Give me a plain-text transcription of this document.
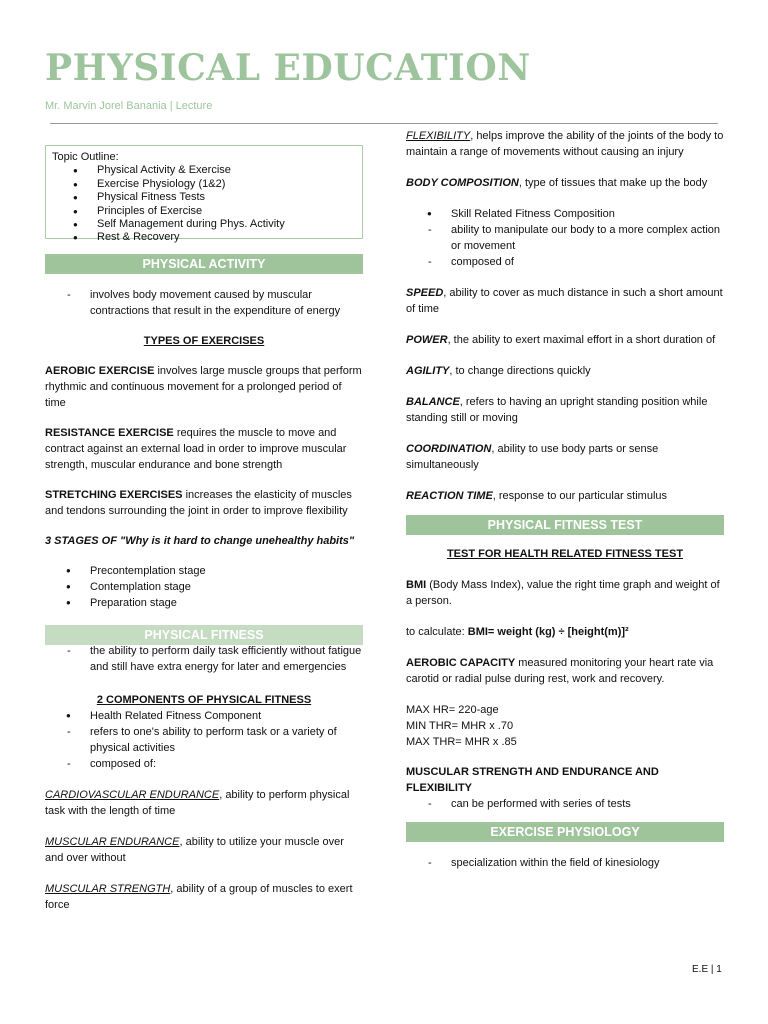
PHYSICAL EDUCATION
Mr. Marvin Jorel Banania | Lecture
Topic Outline:
● Physical Activity & Exercise
● Exercise Physiology (1&2)
● Physical Fitness Tests
● Principles of Exercise
● Self Management during Phys. Activity
● Rest & Recovery
PHYSICAL ACTIVITY

- involves body movement caused by muscular contractions that result in the expenditure of energy

TYPES OF EXERCISES

AEROBIC EXERCISE involves large muscle groups that perform rhythmic and continuous movement for a prolonged period of time

RESISTANCE EXERCISE requires the muscle to move and contract against an external load in order to improve muscular strength, muscular endurance and bone strength

STRETCHING EXERCISES increases the elasticity of muscles and tendons surrounding the joint in order to improve flexibility

3 STAGES OF "Why is it hard to change unehealthy habits"

● Precontemplation stage

● Contemplation stage

● Preparation stage

PHYSICAL FITNESS

- the ability to perform daily task efficiently without fatigue and still have extra energy for later and emergencies

2 COMPONENTS OF PHYSICAL FITNESS

● Health Related Fitness Component

- refers to one's ability to perform task or a variety of physical activities

- composed of:

CARDIOVASCULAR ENDURANCE, ability to perform physical task with the length of time

MUSCULAR ENDURANCE, ability to utilize your muscle over and over without

MUSCULAR STRENGTH, ability of a group of muscles to exert force

FLEXIBILITY, helps improve the ability of the joints of the body to maintain a range of movements without causing an injury

BODY COMPOSITION, type of tissues that make up the body

● Skill Related Fitness Composition

- ability to manipulate our body to a more complex action or movement

- composed of

SPEED, ability to cover as much distance in such a short amount of time

POWER, the ability to exert maximal effort in a short duration of

AGILITY, to change directions quickly

BALANCE, refers to having an upright standing position while standing still or moving

COORDINATION, ability to use body parts or sense simultaneously

REACTION TIME, response to our particular stimulus

PHYSICAL FITNESS TEST

TEST FOR HEALTH RELATED FITNESS TEST

BMI (Body Mass Index), value the right time graph and weight of a person.

to calculate: BMI= weight (kg) ÷ [height(m)]²

AEROBIC CAPACITY measured monitoring your heart rate via carotid or radial pulse during rest, work and recovery.

MAX HR= 220-age

MIN THR= MHR x .70

MAX THR= MHR x .85

MUSCULAR STRENGTH AND ENDURANCE AND FLEXIBILITY

- can be performed with series of tests

EXERCISE PHYSIOLOGY

- specialization within the field of kinesiology

E.E | 1
